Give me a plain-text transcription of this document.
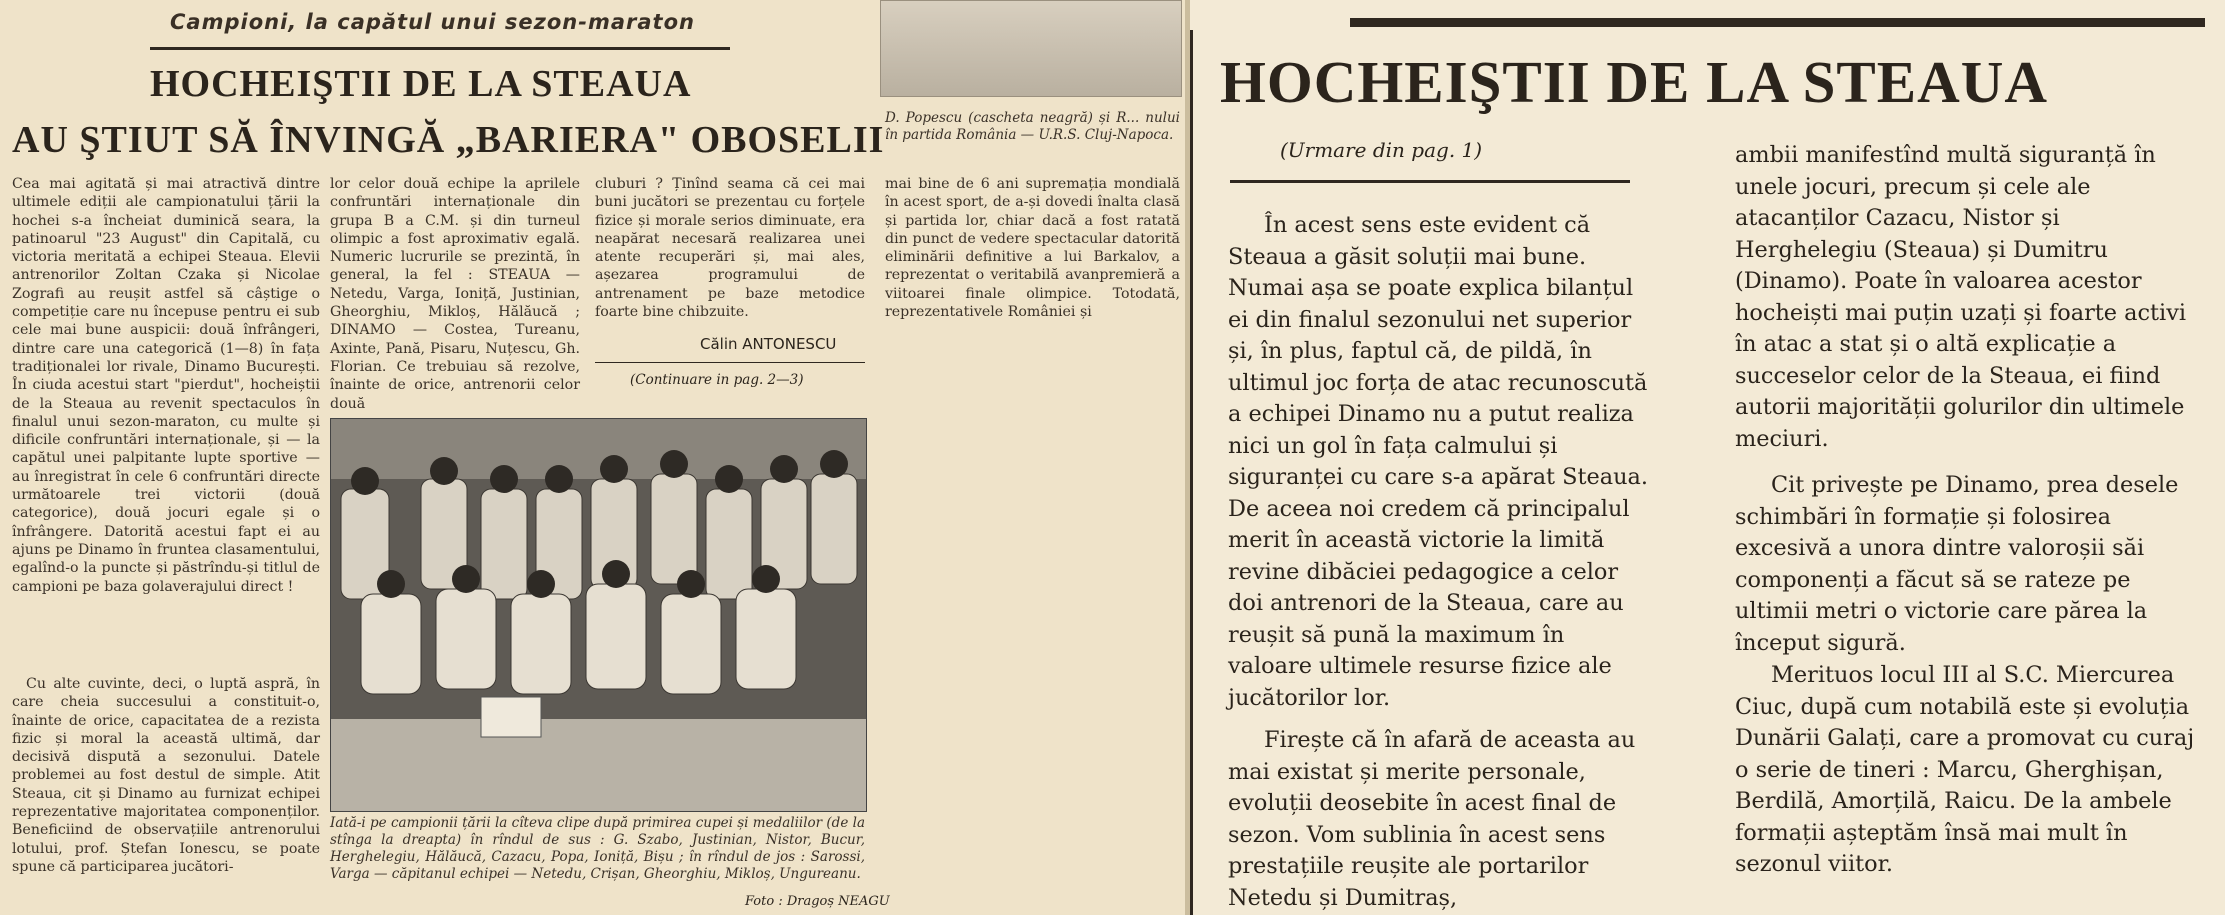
Campioni, la capătul unui sezon-maraton
HOCHEIŞTII DE LA STEAUA
AU ŞTIUT SĂ ÎNVINGĂ „BARIERA" OBOSELII
Cea mai agitată și mai atractivă dintre ultimele ediții ale campionatului țării la hochei s-a încheiat duminică seara, la patinoarul "23 August" din Capitală, cu victoria meritată a echipei Steaua. Elevii antrenorilor Zoltan Czaka și Nicolae Zografi au reușit astfel să câștige o competiție care nu începuse pentru ei sub cele mai bune auspicii: două înfrângeri, dintre care una categorică (1—8) în fața tradiționalei lor rivale, Dinamo București. În ciuda acestui start "pierdut", hocheiștii de la Steaua au revenit spectaculos în finalul unui sezon-maraton, cu multe și dificile confruntări internaționale, și — la capătul unei palpitante lupte sportive — au înregistrat în cele 6 confruntări directe următoarele trei victorii (două categorice), două jocuri egale și o înfrângere. Datorită acestui fapt ei au ajuns pe Dinamo în fruntea clasamentului, egalînd-o la puncte și păstrîndu-și titlul de campioni pe baza golaverajului direct !
Cu alte cuvinte, deci, o luptă aspră, în care cheia succesului a constituit-o, înainte de orice, capacitatea de a rezista fizic și moral la această ultimă, dar decisivă dispută a sezonului. Datele problemei au fost destul de simple. Atit Steaua, cit și Dinamo au furnizat echipei reprezentative majoritatea componenților. Beneficiind de observațiile antrenorului lotului, prof. Ștefan Ionescu, se poate spune că participarea jucători-
lor celor două echipe la aprilele confruntări internaționale din grupa B a C.M. și din turneul olimpic a fost aproximativ egală. Numeric lucrurile se prezintă, în general, la fel : STEAUA — Netedu, Varga, Ioniță, Justinian, Gheorghiu, Mikloș, Hălăucă ; DINAMO — Costea, Tureanu, Axinte, Pană, Pisaru, Nuțescu, Gh. Florian. Ce trebuiau să rezolve, înainte de orice, antrenorii celor două
cluburi ? Ținînd seama că cei mai buni jucători se prezentau cu forțele fizice și morale serios diminuate, era neapărat necesară realizarea unei atente recuperări și, mai ales, așezarea programului de antrenament pe baze metodice foarte bine chibzuite.
Călin ANTONESCU
(Continuare in pag. 2—3)
D. Popescu (cascheta neagră) și R... nului în partida România — U.R.S. Cluj-Napoca.
mai bine de 6 ani supremația mondială în acest sport, de a-și dovedi înalta clasă și partida lor, chiar dacă a fost ratată din punct de vedere spectacular datorită eliminării definitive a lui Barkalov, a reprezentat o veritabilă avanpremieră a viitoarei finale olimpice. Totodată, reprezentativele României și
Iată-i pe campionii țării la cîteva clipe după primirea cupei și medaliilor (de la stînga la dreapta) în rîndul de sus : G. Szabo, Justinian, Nistor, Bucur, Herghelegiu, Hălăucă, Cazacu, Popa, Ioniță, Bișu ; în rîndul de jos : Sarossi, Varga — căpitanul echipei — Netedu, Crișan, Gheorghiu, Mikloș, Ungureanu.
Foto : Dragoș NEAGU
HOCHEIŞTII DE LA STEAUA
(Urmare din pag. 1)
În acest sens este evident că Steaua a găsit soluții mai bune. Numai așa se poate explica bilanțul ei din finalul sezonului net superior și, în plus, faptul că, de pildă, în ultimul joc forța de atac recunoscută a echipei Dinamo nu a putut realiza nici un gol în fața calmului și siguranței cu care s-a apărat Steaua. De aceea noi credem că principalul merit în această victorie la limită revine dibăciei pedagogice a celor doi antrenori de la Steaua, care au reușit să pună la maximum în valoare ultimele resurse fizice ale jucătorilor lor.
Firește că în afară de aceasta au mai existat și merite personale, evoluții deosebite în acest final de sezon. Vom sublinia în acest sens prestațiile reușite ale portarilor Netedu și Dumitraș,
ambii manifestînd multă siguranță în unele jocuri, precum și cele ale atacanților Cazacu, Nistor și Herghelegiu (Steaua) și Dumitru (Dinamo). Poate în valoarea acestor hocheiști mai puțin uzați și foarte activi în atac a stat și o altă explicație a succeselor celor de la Steaua, ei fiind autorii majorității golurilor din ultimele meciuri.
Cit privește pe Dinamo, prea desele schimbări în formație și folosirea excesivă a unora dintre valoroșii săi componenți a făcut să se rateze pe ultimii metri o victorie care părea la început sigură.
Merituos locul III al S.C. Miercurea Ciuc, după cum notabilă este și evoluția Dunării Galați, care a promovat cu curaj o serie de tineri : Marcu, Gherghișan, Berdilă, Amorțilă, Raicu. De la ambele formații așteptăm însă mai mult în sezonul viitor.
